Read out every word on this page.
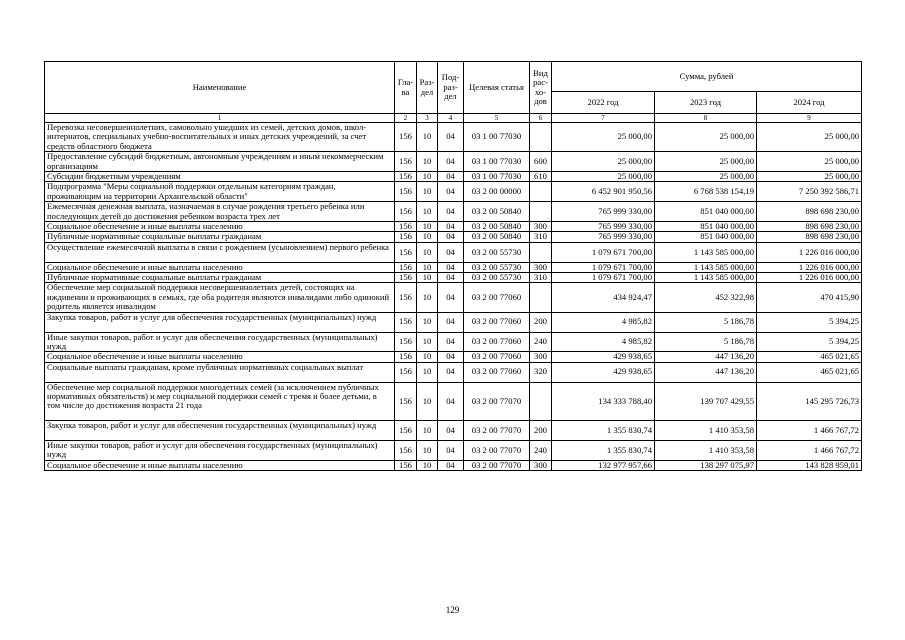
Наименование	Гла-ва	Раз-дел	Под-раз-дел	Целевая статья	Вид рас-хо-дов	Сумма, рублей		
						2022 год	2023 год	2024 год
1	2	3	4	5	6	7	8	9
Перевозка несовершеннолетних, самовольно ушедших из семей, детских домов, школ-интернатов, специальных учебно-воспитательных и иных детских учреждений, за счет средств областного бюджета	156	10	04	03 1 00 77030		25 000,00	25 000,00	25 000,00
Предоставление субсидий бюджетным, автономным учреждениям и иным некоммерческим организациям	156	10	04	03 1 00 77030	600	25 000,00	25 000,00	25 000,00
Субсидии бюджетным учреждениям	156	10	04	03 1 00 77030	610	25 000,00	25 000,00	25 000,00
Подпрограмма "Меры социальной поддержки отдельным категориям граждан, проживающим на территории Архангельской области"	156	10	04	03 2 00 00000		6 452 901 950,56	6 768 538 154,19	7 250 392 586,71
Ежемесячная денежная выплата, назначаемая в случае рождения третьего ребенка или последующих детей до достижения ребенком возраста трех лет	156	10	04	03 2 00 50840		765 999 330,00	851 040 000,00	898 698 230,00
Социальное обеспечение и иные выплаты населению	156	10	04	03 2 00 50840	300	765 999 330,00	851 040 000,00	898 698 230,00
Публичные нормативные социальные выплаты гражданам	156	10	04	03 2 00 50840	310	765 999 330,00	851 040 000,00	898 698 230,00
Осуществление ежемесячной выплаты в связи с рождением (усыновлением) первого ребенка	156	10	04	03 2 00 55730		1 079 671 700,00	1 143 585 000,00	1 226 016 000,00
Социальное обеспечение и иные выплаты населению	156	10	04	03 2 00 55730	300	1 079 671 700,00	1 143 585 000,00	1 226 016 000,00
Публичные нормативные социальные выплаты гражданам	156	10	04	03 2 00 55730	310	1 079 671 700,00	1 143 585 000,00	1 226 016 000,00
Обеспечение мер социальной поддержки несовершеннолетних детей, состоящих на иждивении и проживающих в семьях, где оба родителя являются инвалидами либо одинокий родитель является инвалидом	156	10	04	03 2 00 77060		434 924,47	452 322,98	470 415,90
Закупка товаров, работ и услуг для обеспечения государственных (муниципальных) нужд	156	10	04	03 2 00 77060	200	4 985,82	5 186,78	5 394,25
Иные закупки товаров, работ и услуг для обеспечения государственных (муниципальных) нужд	156	10	04	03 2 00 77060	240	4 985,82	5 186,78	5 394,25
Социальное обеспечение и иные выплаты населению	156	10	04	03 2 00 77060	300	429 938,65	447 136,20	465 021,65
Социальные выплаты гражданам, кроме публичных нормативных социальных выплат	156	10	04	03 2 00 77060	320	429 938,65	447 136,20	465 021,65
Обеспечение мер социальной поддержки многодетных семей (за исключением публичных нормативных обязательств) и мер социальной поддержки семей с тремя и более детьми, в том числе до достижения возраста 21 года	156	10	04	03 2 00 77070		134 333 788,40	139 707 429,55	145 295 726,73
Закупка товаров, работ и услуг для обеспечения государственных (муниципальных) нужд	156	10	04	03 2 00 77070	200	1 355 830,74	1 410 353,58	1 466 767,72
Иные закупки товаров, работ и услуг для обеспечения государственных (муниципальных) нужд	156	10	04	03 2 00 77070	240	1 355 830,74	1 410 353,58	1 466 767,72
Социальное обеспечение и иные выплаты населению	156	10	04	03 2 00 77070	300	132 977 957,66	138 297 075,97	143 828 959,01
129
